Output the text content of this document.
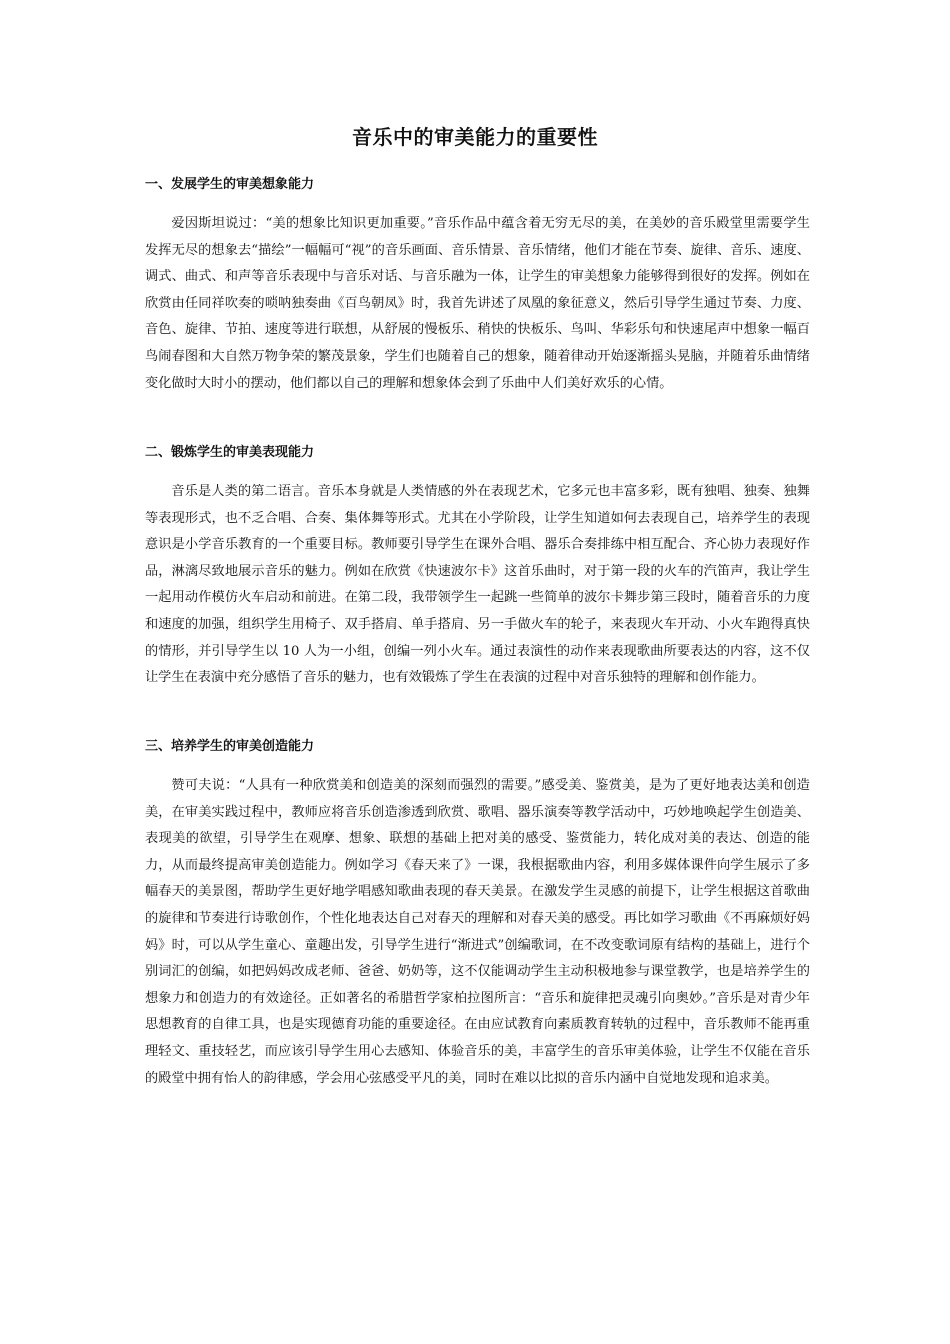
音乐中的审美能力的重要性
一、发展学生的审美想象能力

爱因斯坦说过：“美的想象比知识更加重要。”音乐作品中蕴含着无穷无尽的美，在美妙的音乐殿堂里需要学生发挥无尽的想象去“描绘”一幅幅可“视”的音乐画面、音乐情景、音乐情绪，他们才能在节奏、旋律、音乐、速度、调式、曲式、和声等音乐表现中与音乐对话、与音乐融为一体，让学生的审美想象力能够得到很好的发挥。例如在欣赏由任同祥吹奏的唢呐独奏曲《百鸟朝凤》时，我首先讲述了凤凰的象征意义，然后引导学生通过节奏、力度、音色、旋律、节拍、速度等进行联想，从舒展的慢板乐、稍快的快板乐、鸟叫、华彩乐句和快速尾声中想象一幅百鸟闹春图和大自然万物争荣的繁茂景象，学生们也随着自己的想象，随着律动开始逐渐摇头晃脑，并随着乐曲情绪变化做时大时小的摆动，他们都以自己的理解和想象体会到了乐曲中人们美好欢乐的心情。

二、锻炼学生的审美表现能力

音乐是人类的第二语言。音乐本身就是人类情感的外在表现艺术，它多元也丰富多彩，既有独唱、独奏、独舞等表现形式，也不乏合唱、合奏、集体舞等形式。尤其在小学阶段，让学生知道如何去表现自己，培养学生的表现意识是小学音乐教育的一个重要目标。教师要引导学生在课外合唱、器乐合奏排练中相互配合、齐心协力表现好作品，淋漓尽致地展示音乐的魅力。例如在欣赏《快速波尔卡》这首乐曲时，对于第一段的火车的汽笛声，我让学生一起用动作模仿火车启动和前进。在第二段，我带领学生一起跳一些简单的波尔卡舞步第三段时，随着音乐的力度和速度的加强，组织学生用椅子、双手搭肩、单手搭肩、另一手做火车的轮子，来表现火车开动、小火车跑得真快的情形，并引导学生以 10 人为一小组，创编一列小火车。通过表演性的动作来表现歌曲所要表达的内容，这不仅让学生在表演中充分感悟了音乐的魅力，也有效锻炼了学生在表演的过程中对音乐独特的理解和创作能力。

三、培养学生的审美创造能力

赞可夫说：“人具有一种欣赏美和创造美的深刻而强烈的需要。”感受美、鉴赏美，是为了更好地表达美和创造美，在审美实践过程中，教师应将音乐创造渗透到欣赏、歌唱、器乐演奏等教学活动中，巧妙地唤起学生创造美、表现美的欲望，引导学生在观摩、想象、联想的基础上把对美的感受、鉴赏能力，转化成对美的表达、创造的能力，从而最终提高审美创造能力。例如学习《春天来了》一课，我根据歌曲内容，利用多媒体课件向学生展示了多幅春天的美景图，帮助学生更好地学唱感知歌曲表现的春天美景。在激发学生灵感的前提下，让学生根据这首歌曲的旋律和节奏进行诗歌创作，个性化地表达自己对春天的理解和对春天美的感受。再比如学习歌曲《不再麻烦好妈妈》时，可以从学生童心、童趣出发，引导学生进行“渐进式”创编歌词，在不改变歌词原有结构的基础上，进行个别词汇的创编，如把妈妈改成老师、爸爸、奶奶等，这不仅能调动学生主动积极地参与课堂教学，也是培养学生的想象力和创造力的有效途径。正如著名的希腊哲学家柏拉图所言：“音乐和旋律把灵魂引向奥妙。”音乐是对青少年思想教育的自律工具，也是实现德育功能的重要途径。在由应试教育向素质教育转轨的过程中，音乐教师不能再重理轻文、重技轻艺，而应该引导学生用心去感知、体验音乐的美，丰富学生的音乐审美体验，让学生不仅能在音乐的殿堂中拥有怡人的韵律感，学会用心弦感受平凡的美，同时在难以比拟的音乐内涵中自觉地发现和追求美。
